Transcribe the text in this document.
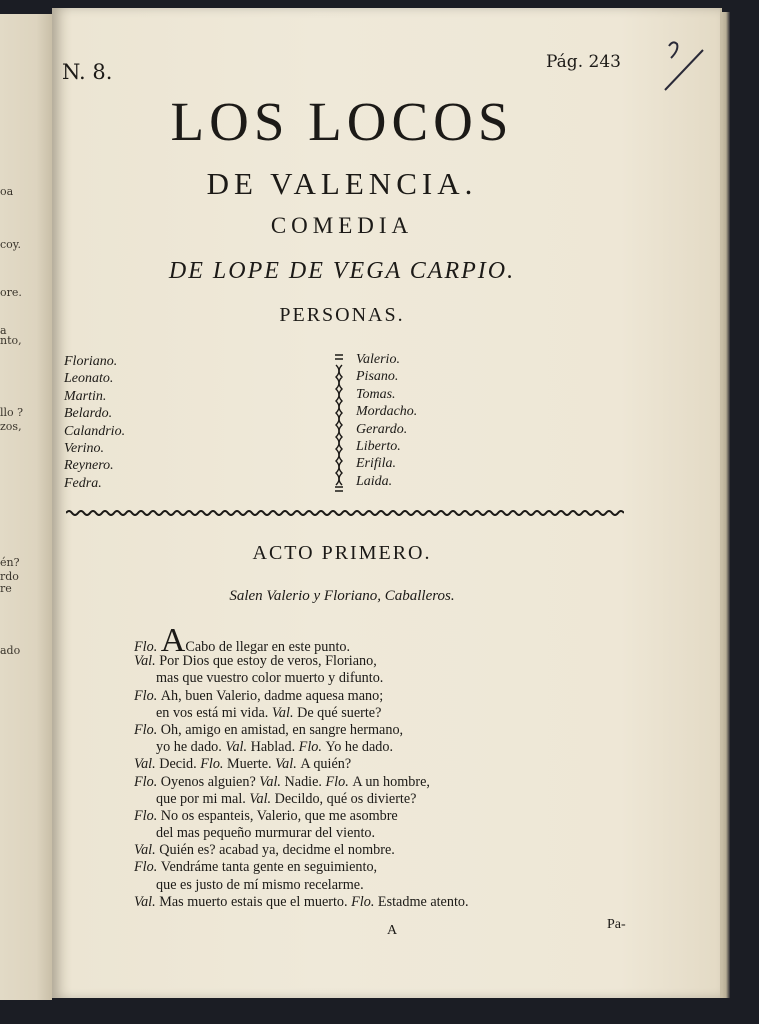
oa
coy.
ore.
a
nto,
llo ?
zos,
én?
rdo
re
ado
N. 8.	Pág. 243
LOS LOCOS
DE VALENCIA.
COMEDIA
DE LOPE DE VEGA CARPIO.
PERSONAS.
Floriano.
Leonato.
Martin.
Belardo.
Calandrio.
Verino.
Reynero.
Fedra.
Valerio.
Pisano.
Tomas.
Mordacho.
Gerardo.
Liberto.
Erifila.
Laida.
ACTO PRIMERO.
Salen Valerio y Floriano, Caballeros.
Flo. ACabo de llegar en este punto.
Val. Por Dios que estoy de veros, Floriano,
mas que vuestro color muerto y difunto.
Flo. Ah, buen Valerio, dadme aquesa mano;
en vos está mi vida. Val. De qué suerte?
Flo. Oh, amigo en amistad, en sangre hermano,
yo he dado. Val. Hablad. Flo. Yo he dado.
Val. Decid. Flo. Muerte. Val. A quién?
Flo. Oyenos alguien? Val. Nadie. Flo. A un hombre,
que por mi mal. Val. Decildo, qué os divierte?
Flo. No os espanteis, Valerio, que me asombre
del mas pequeño murmurar del viento.
Val. Quién es? acabad ya, decidme el nombre.
Flo. Vendráme tanta gente en seguimiento,
que es justo de mí mismo recelarme.
Val. Mas muerto estais que el muerto. Flo. Estadme atento.
A	Pa-
